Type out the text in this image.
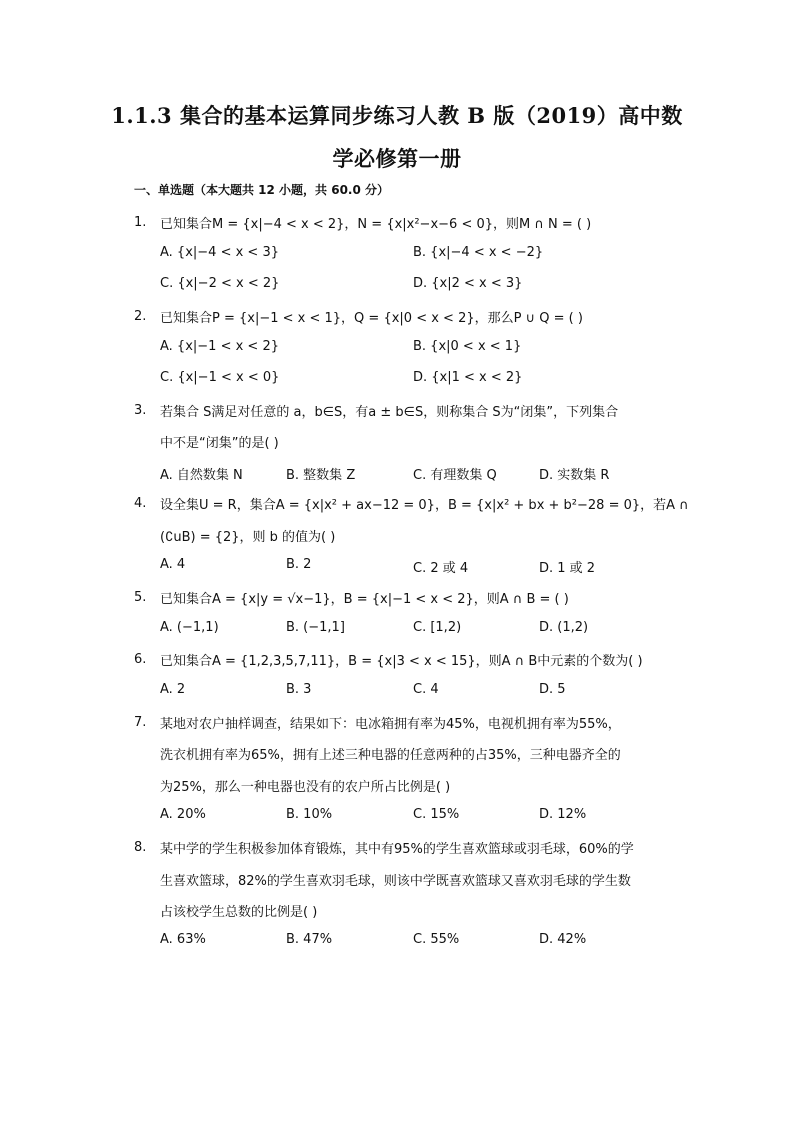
1.1.3 集合的基本运算同步练习人教 B 版（2019）高中数
学必修第一册
一、单选题（本大题共 12 小题，共 60.0 分）
1. 已知集合M = {x|−4 < x < 2}，N = {x|x²−x−6 < 0}，则M ∩ N = ( )
A. {x|−4 < x < 3}	B. {x|−4 < x < −2}
C. {x|−2 < x < 2}	D. {x|2 < x < 3}
2. 已知集合P = {x|−1 < x < 1}，Q = {x|0 < x < 2}，那么P ∪ Q = ( )
A. {x|−1 < x < 2}	B. {x|0 < x < 1}
C. {x|−1 < x < 0}	D. {x|1 < x < 2}
3. 若集合 S满足对任意的 a，b∈S，有a ± b∈S，则称集合 S为“闭集”，下列集合
中不是“闭集”的是( )
A. 自然数集 N	B. 整数集 Z	C. 有理数集 Q	D. 实数集 R
4. 设全集U = R，集合A = {x|x² + ax−12 = 0}，B = {x|x² + bx + b²−28 = 0}，若A ∩
(∁uB) = {2}，则 b 的值为( )
A. 4	B. 2	C. 2 或 4	D. 1 或 2
5. 已知集合A = {x|y = √x−1}，B = {x|−1 < x < 2}，则A ∩ B = ( )
A. (−1,1)	B. (−1,1]	C. [1,2)	D. (1,2)
6. 已知集合A = {1,2,3,5,7,11}，B = {x|3 < x < 15}，则A ∩ B中元素的个数为( )
A. 2	B. 3	C. 4	D. 5
7. 某地对农户抽样调查，结果如下：电冰箱拥有率为45%，电视机拥有率为55%，
洗衣机拥有率为65%，拥有上述三种电器的任意两种的占35%，三种电器齐全的
为25%，那么一种电器也没有的农户所占比例是( )
A. 20%	B. 10%	C. 15%	D. 12%
8. 某中学的学生积极参加体育锻炼，其中有95%的学生喜欢篮球或羽毛球，60%的学
生喜欢篮球，82%的学生喜欢羽毛球，则该中学既喜欢篮球又喜欢羽毛球的学生数
占该校学生总数的比例是( )
A. 63%	B. 47%	C. 55%	D. 42%
